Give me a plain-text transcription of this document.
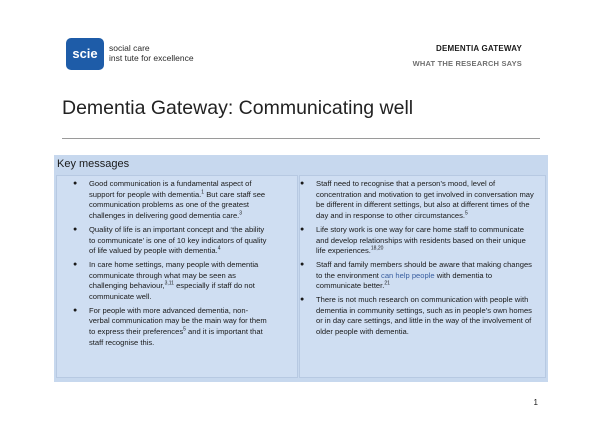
scie	social care
inst tute for excellence
DEMENTIA GATEWAY
WHAT THE RESEARCH SAYS
Dementia Gateway: Communicating well
Key messages
● Good communication is a fundamental aspect of support for people with dementia.$^1$ But care staff see communication problems as one of the greatest challenges in delivering good dementia care.$^3$
● Quality of life is an important concept and ‘the ability to communicate’ is one of 10 key indicators of quality of life valued by people with dementia.$^4$
● In care home settings, many people with dementia communicate through what may be seen as challenging behaviour,$^{3,11}$ especially if staff do not communicate well.
● For people with more advanced dementia, non-verbal communication may be the main way for them to express their preferences$^5$ and it is important that staff recognise this.
● Staff need to recognise that a person’s mood, level of concentration and motivation to get involved in conversation may be different in different settings, but also at different times of the day and in response to other circumstances.$^5$
● Life story work is one way for care home staff to communicate and develop relationships with residents based on their unique life experiences.$^{18,20}$
● Staff and family members should be aware that making changes to the environment can help people with dementia to communicate better.$^{21}$
● There is not much research on communication with people with dementia in community settings, such as in people’s own homes or in day care settings, and little in the way of the involvement of older people with dementia.
1
